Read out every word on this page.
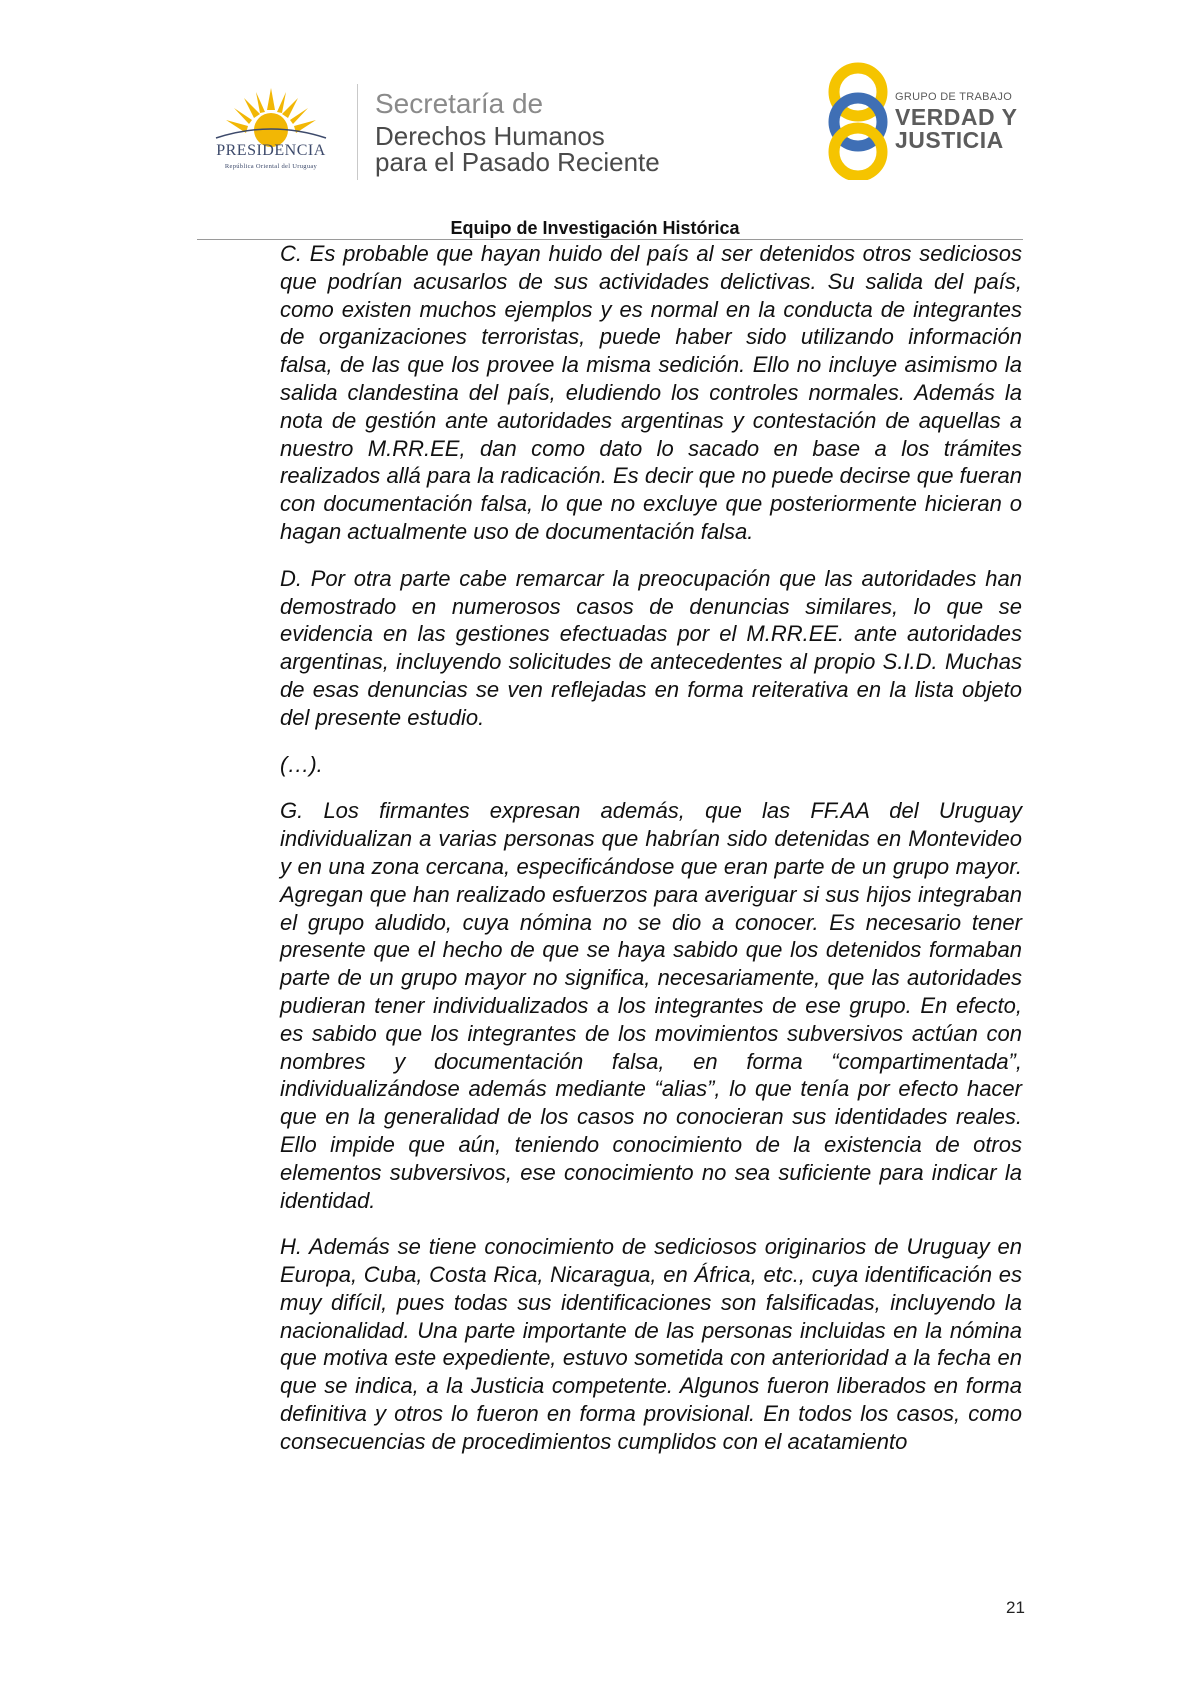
PRESIDENCIA
República Oriental del Uruguay
Secretaría de
Derechos Humanos
para el Pasado Reciente
GRUPO DE TRABAJO
VERDAD Y
JUSTICIA
Equipo de Investigación Histórica

C. Es probable que hayan huido del país al ser detenidos otros sediciosos que podrían acusarlos de sus actividades delictivas. Su salida del país, como existen muchos ejemplos y es normal en la conducta de integrantes de organizaciones terroristas, puede haber sido utilizando información falsa, de las que los provee la misma sedición. Ello no incluye asimismo la salida clandestina del país, eludiendo los controles normales. Además la nota de gestión ante autoridades argentinas y contestación de aquellas a nuestro M.RR.EE, dan como dato lo sacado en base a los trámites realizados allá para la radicación. Es decir que no puede decirse que fueran con documentación falsa, lo que no excluye que posteriormente hicieran o hagan actualmente uso de documentación falsa.

D. Por otra parte cabe remarcar la preocupación que las autoridades han demostrado en numerosos casos de denuncias similares, lo que se evidencia en las gestiones efectuadas por el M.RR.EE. ante autoridades argentinas, incluyendo solicitudes de antecedentes al propio S.I.D. Muchas de esas denuncias se ven reflejadas en forma reiterativa en la lista objeto del presente estudio.

(…).

G. Los firmantes expresan además, que las FF.AA del Uruguay individualizan a varias personas que habrían sido detenidas en Montevideo y en una zona cercana, especificándose que eran parte de un grupo mayor. Agregan que han realizado esfuerzos para averiguar si sus hijos integraban el grupo aludido, cuya nómina no se dio a conocer. Es necesario tener presente que el hecho de que se haya sabido que los detenidos formaban parte de un grupo mayor no significa, necesariamente, que las autoridades pudieran tener individualizados a los integrantes de ese grupo. En efecto, es sabido que los integrantes de los movimientos subversivos actúan con nombres y documentación falsa, en forma “compartimentada”, individualizándose además mediante “alias”, lo que tenía por efecto hacer que en la generalidad de los casos no conocieran sus identidades reales. Ello impide que aún, teniendo conocimiento de la existencia de otros elementos subversivos, ese conocimiento no sea suficiente para indicar la identidad.

H. Además se tiene conocimiento de sediciosos originarios de Uruguay en Europa, Cuba, Costa Rica, Nicaragua, en África, etc., cuya identificación es muy difícil, pues todas sus identificaciones son falsificadas, incluyendo la nacionalidad. Una parte importante de las personas incluidas en la nómina que motiva este expediente, estuvo sometida con anterioridad a la fecha en que se indica, a la Justicia competente. Algunos fueron liberados en forma definitiva y otros lo fueron en forma provisional. En todos los casos, como consecuencias de procedimientos cumplidos con el acatamiento

21
